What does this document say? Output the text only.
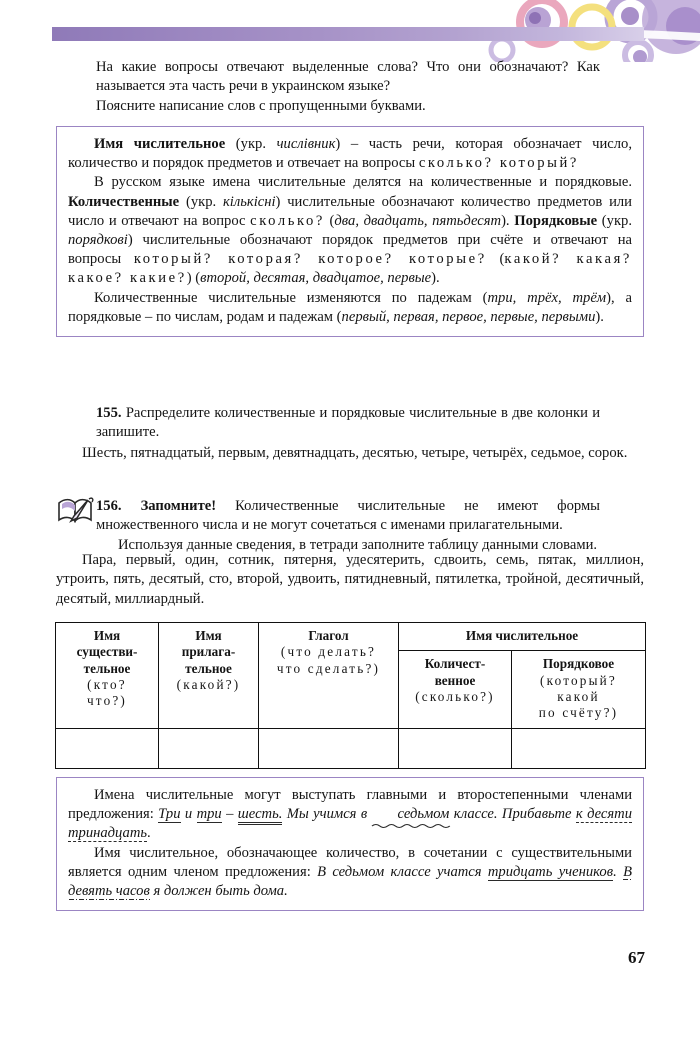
На какие вопросы отвечают выделенные слова? Что они обозначают? Как называется эта часть речи в украинском языке?

Поясните написание слов с пропущенными буквами.

Имя числительное (укр. числівник) – часть речи, которая обозначает число, количество и порядок предметов и отвечает на вопросы сколько? который?

В русском языке имена числительные делятся на количественные и порядковые. Количественные (укр. кількісні) числительные обозначают количество предметов или число и отвечают на вопрос сколько? (два, двадцать, пятьдесят). Порядковые (укр. порядкові) числительные обозначают порядок предметов при счёте и отвечают на вопросы который? которая? которое? которые? (какой? какая? какое? какие?) (второй, десятая, двадцатое, первые).

Количественные числительные изменяются по падежам (три, трёх, трём), а порядковые – по числам, родам и падежам (первый, первая, первое, первые, первыми).

155. Распределите количественные и порядковые числительные в две колонки и запишите.

Шесть, пятнадцатый, первым, девятнадцать, десятью, четыре, четырёх, седьмое, сорок.

156. Запомните! Количественные числительные не имеют формы множественного числа и не могут сочетаться с именами прилагательными.

Используя данные сведения, в тетради заполните таблицу данными словами.

Пара, первый, один, сотник, пятерня, удесятерить, сдвоить, семь, пятак, миллион, утроить, пять, десятый, сто, второй, удвоить, пятидневный, пятилетка, тройной, десятичный, десятый, миллиардный.
Имя
существи-
тельное
(кто?
что?)	Имя
прилага-
тельное
(какой?)	Глагол
(что делать?
что сделать?)	Имя числительное	
			Количест-
венное
(сколько?)	Порядковое
(который?
какой
по счёту?)

Имена числительные могут выступать главными и второстепенными членами предложения: Три и три – шесть. Мы учимся в седьмом
классе. Прибавьте к десяти тринадцать.

Имя числительное, обозначающее количество, в сочетании с существительными является одним членом предложения: В седьмом классе учатся тридцать учеников. В девять часов я должен быть дома.

67
